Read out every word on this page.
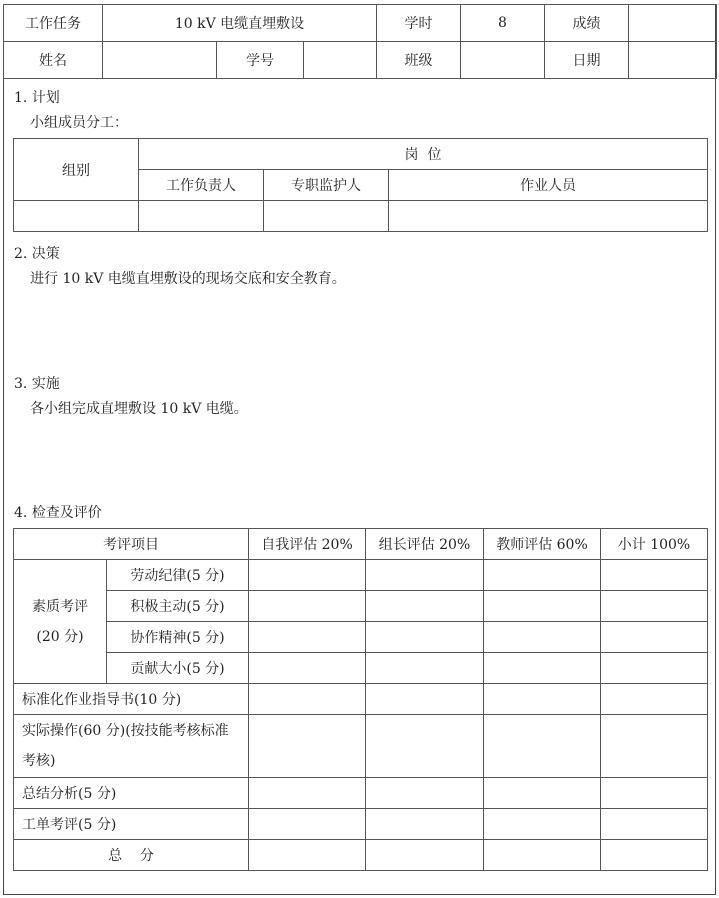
工作任务	10 kV 电缆直埋敷设			学时	8	成绩	
姓名		学号		班级		日期	
1. 计划
小组成员分工：
组别	岗  位		
	工作负责人	专职监护人	作业人员

2. 决策
进行 10 kV 电缆直埋敷设的现场交底和安全教育。
3. 实施
各小组完成直埋敷设 10 kV 电缆。
4. 检查及评价
考评项目		自我评估 20%	组长评估 20%	教师评估 60%	小计 100%

素质考评
(20 分)	劳动纪律(5 分)				
	积极主动(5 分)				
	协作精神(5 分)				
	贡献大小(5 分)				
标准化作业指导书(10 分)					
实际操作(60 分)(按技能考核标准考核)					
总结分析(5 分)					
工单考评(5 分)					
总    分					
